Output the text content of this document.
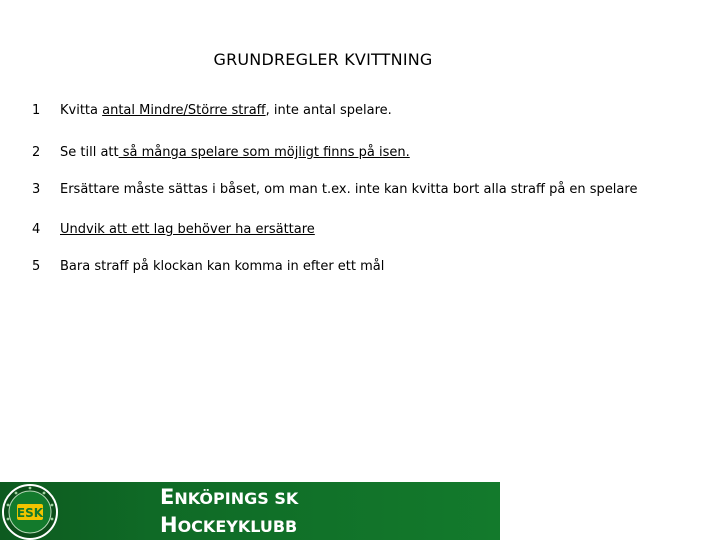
GRUNDREGLER KVITTNING
1 Kvitta antal Mindre/Större straff, inte antal spelare.
2 Se till att så många spelare som möjligt finns på isen.
3 Ersättare måste sättas i båset, om man t.ex. inte kan kvitta bort alla straff på en spelare
4 Undvik att ett lag behöver ha ersättare
5 Bara straff på klockan kan komma in efter ett mål
ESK
ENKÖPINGS SK
HOCKEYKLUBB
